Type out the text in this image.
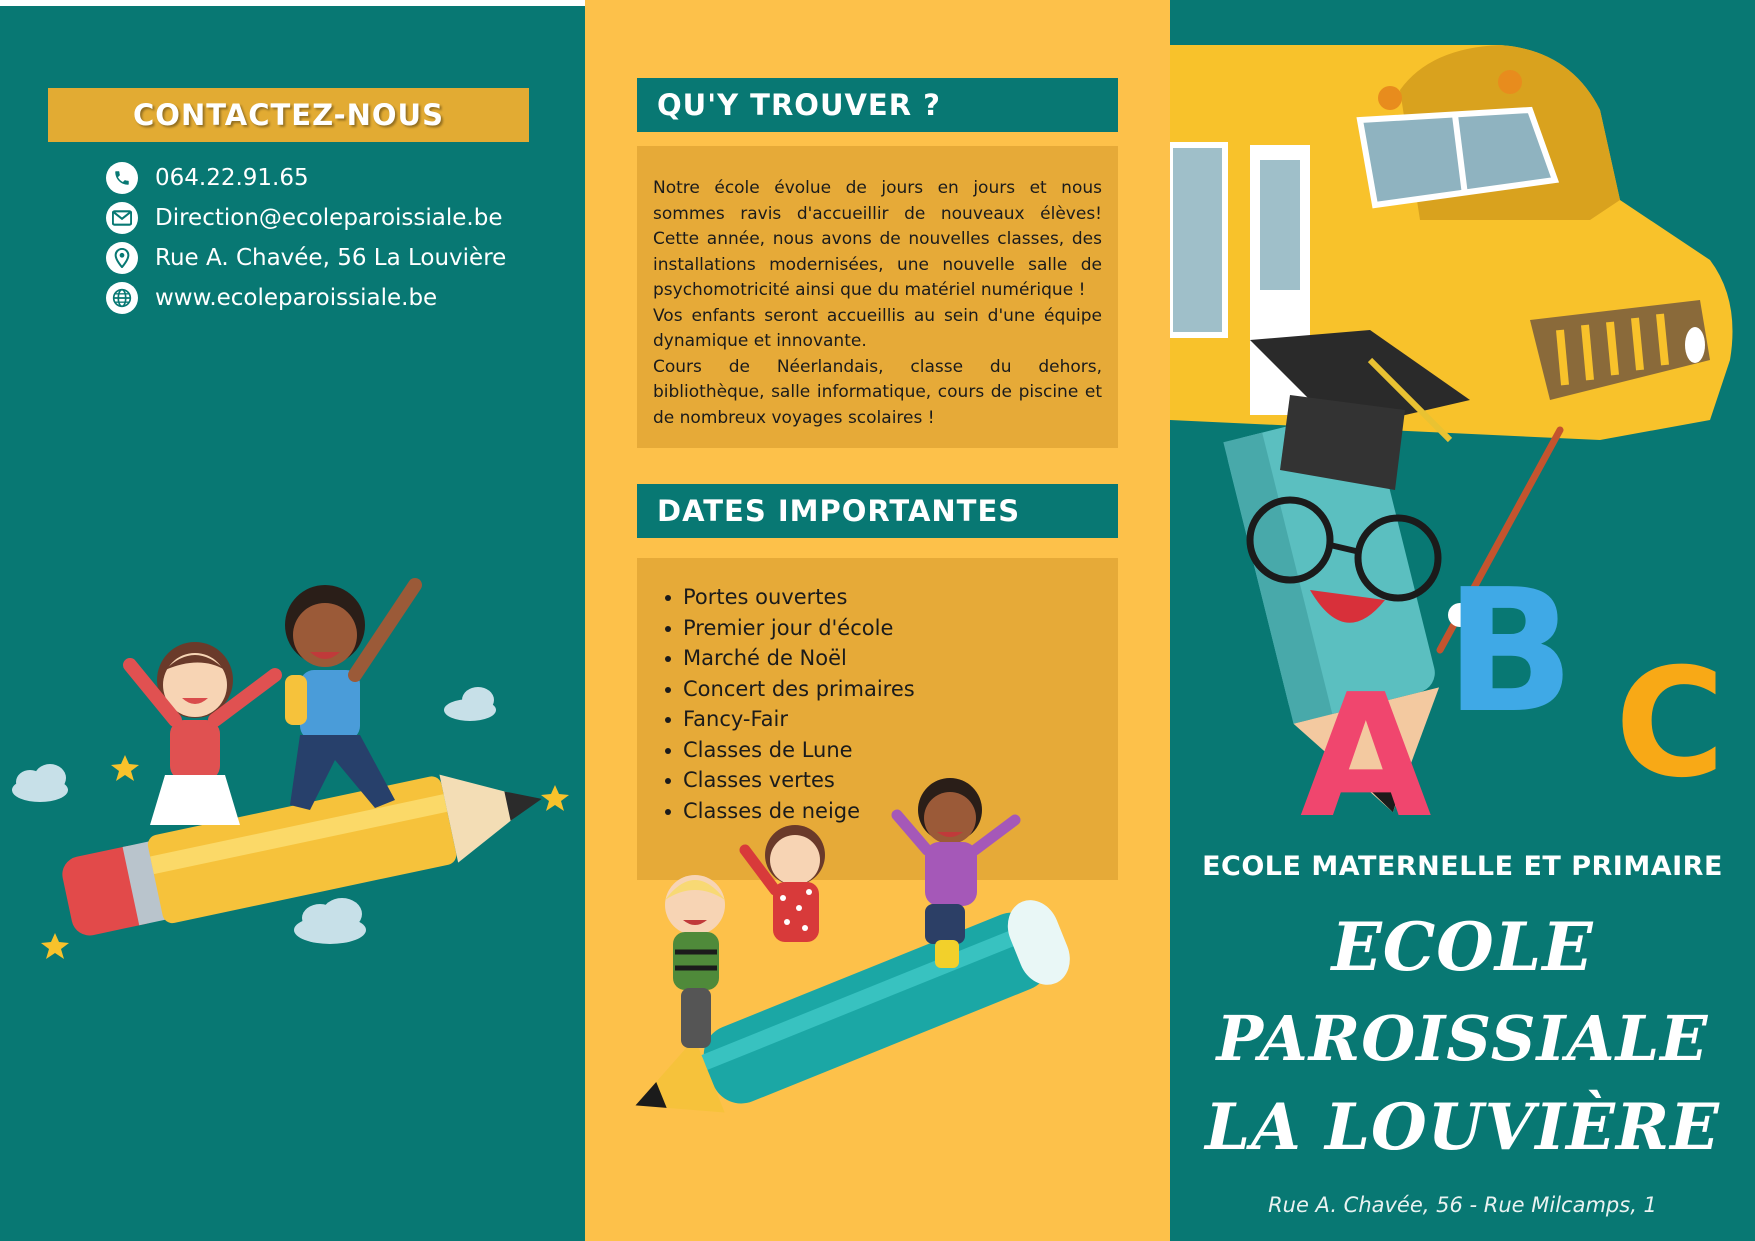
CONTACTEZ-NOUS
064.22.91.65
Direction@ecoleparoissiale.be
Rue A. Chavée, 56 La Louvière
www.ecoleparoissiale.be
QU'Y TROUVER ?

Notre école évolue de jours en jours et nous sommes ravis d'accueillir de nouveaux élèves! Cette année, nous avons de nouvelles classes, des installations modernisées, une nouvelle salle de psychomotricité ainsi que du matériel numérique !

Vos enfants seront accueillis au sein d'une équipe dynamique et innovante.

Cours de Néerlandais, classe du dehors, bibliothèque, salle informatique, cours de piscine et de nombreux voyages scolaires !

DATES IMPORTANTES
Portes ouvertes
Premier jour d'école
Marché de Noël
Concert des primaires
Fancy-Fair
Classes de Lune
Classes vertes
Classes de neige	A
B C
ECOLE MATERNELLE ET PRIMAIRE
ECOLE
PAROISSIALE
LA LOUVIÈRE
Rue A. Chavée, 56 - Rue Milcamps, 1
